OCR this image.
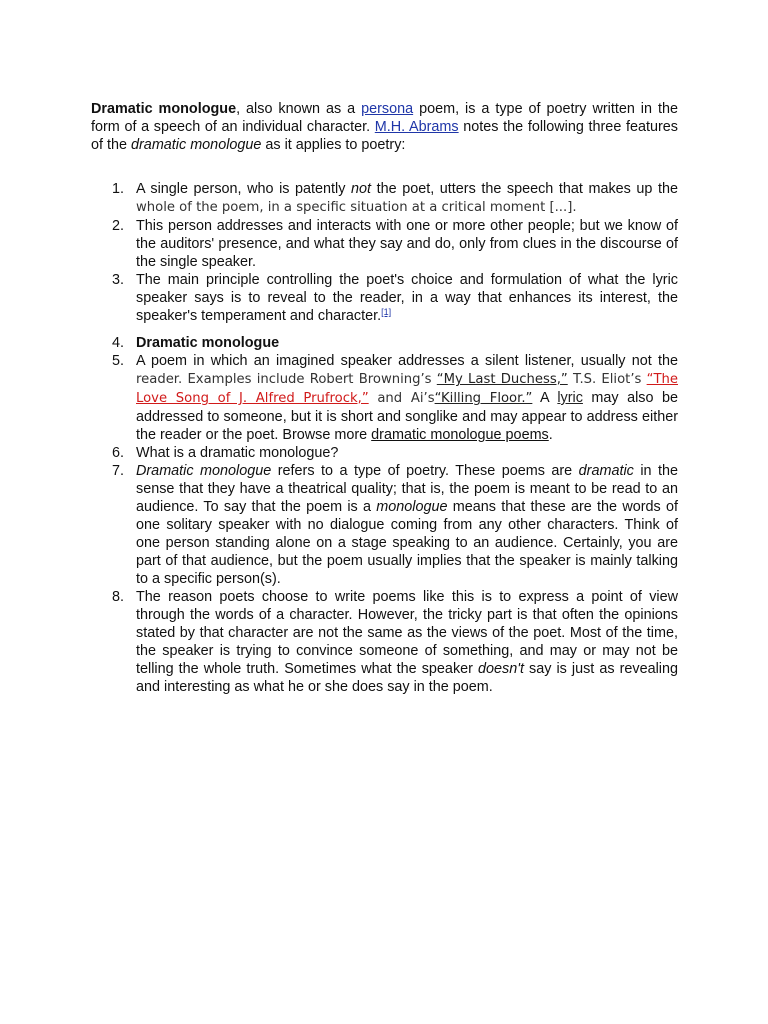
Dramatic monologue, also known as a persona poem, is a type of poetry written in the form of a speech of an individual character. M.H. Abrams notes the following three features of the dramatic monologue as it applies to poetry:

1. A single person, who is patently not the poet, utters the speech that makes up the whole of the poem, in a specific situation at a critical moment [...].
2. This person addresses and interacts with one or more other people; but we know of the auditors' presence, and what they say and do, only from clues in the discourse of the single speaker.
3. The main principle controlling the poet's choice and formulation of what the lyric speaker says is to reveal to the reader, in a way that enhances its interest, the speaker's temperament and character.[1]
4. Dramatic monologue
5. A poem in which an imagined speaker addresses a silent listener, usually not the reader. Examples include Robert Browning’s “My Last Duchess,” T.S. Eliot’s “The Love Song of J. Alfred Prufrock,” and Ai’s“Killing Floor.” A lyric may also be addressed to someone, but it is short and songlike and may appear to address either the reader or the poet. Browse more dramatic monologue poems.
6. What is a dramatic monologue?
7. Dramatic monologue refers to a type of poetry. These poems are dramatic in the sense that they have a theatrical quality; that is, the poem is meant to be read to an audience. To say that the poem is a monologue means that these are the words of one solitary speaker with no dialogue coming from any other characters. Think of one person standing alone on a stage speaking to an audience. Certainly, you are part of that audience, but the poem usually implies that the speaker is mainly talking to a specific person(s).
8. The reason poets choose to write poems like this is to express a point of view through the words of a character. However, the tricky part is that often the opinions stated by that character are not the same as the views of the poet. Most of the time, the speaker is trying to convince someone of something, and may or may not be telling the whole truth. Sometimes what the speaker doesn't say is just as revealing and interesting as what he or she does say in the poem.
